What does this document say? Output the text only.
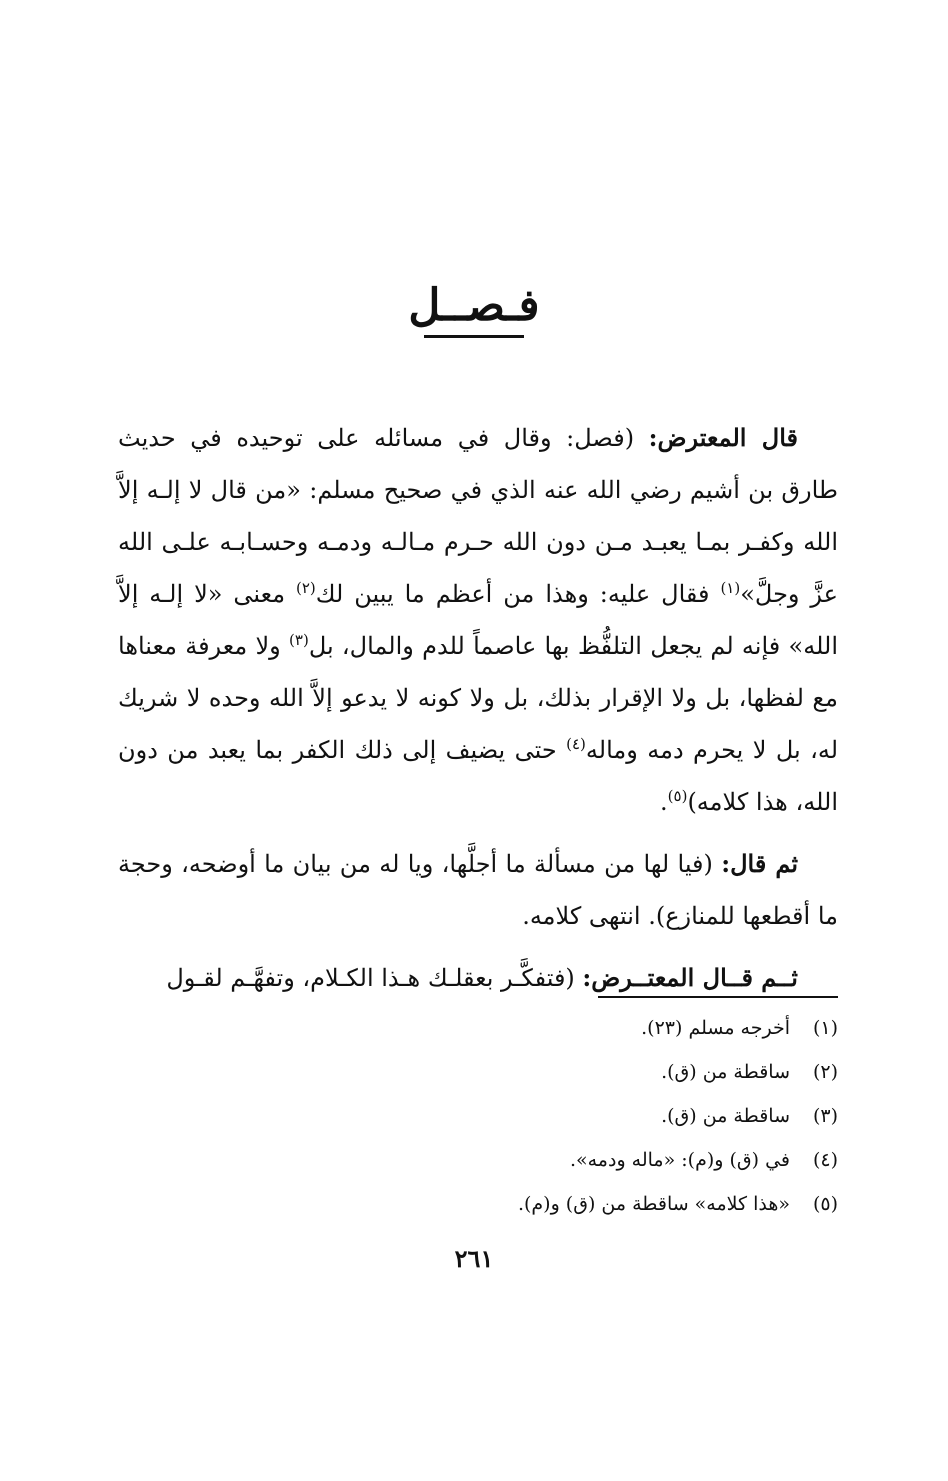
فـصــل

قال المعترض: (فصل: وقال في مسائله على توحيده في حديث طارق بن أشيم رضي الله عنه الذي في صحيح مسلم: «من قال لا إلـه إلاَّ الله وكفـر بمـا يعبـد مـن دون الله حـرم مـالـه ودمـه وحسـابـه علـى الله عزَّ وجلَّ»$^{(١)}$ فقال عليه: وهذا من أعظم ما يبين لك$^{(٢)}$ معنى «لا إلـه إلاَّ الله» فإنه لم يجعل التلفُّظ بها عاصماً للدم والمال، بل$^{(٣)}$ ولا معرفة معناها مع لفظها، بل ولا الإقرار بذلك، بل ولا كونه لا يدعو إلاَّ الله وحده لا شريك له، بل لا يحرم دمه وماله$^{(٤)}$ حتى يضيف إلى ذلك الكفر بما يعبد من دون الله، هذا كلامه)$^{(٥)}$.

ثم قال: (فيا لها من مسألة ما أجلَّها، ويا له من بيان ما أوضحه، وحجة ما أقطعها للمنازع). انتهى كلامه.

ثــم قــال المعتــرض: (فتفكَّـر بعقلـك هـذا الكـلام، وتفهَّـم لقـول

(١)
أخرجه مسلم (٢٣).
(٢)
ساقطة من (ق).
(٣)
ساقطة من (ق).
(٤)
في (ق) و(م): «ماله ودمه».
(٥)
«هذا كلامه» ساقطة من (ق) و(م).
٢٦١
